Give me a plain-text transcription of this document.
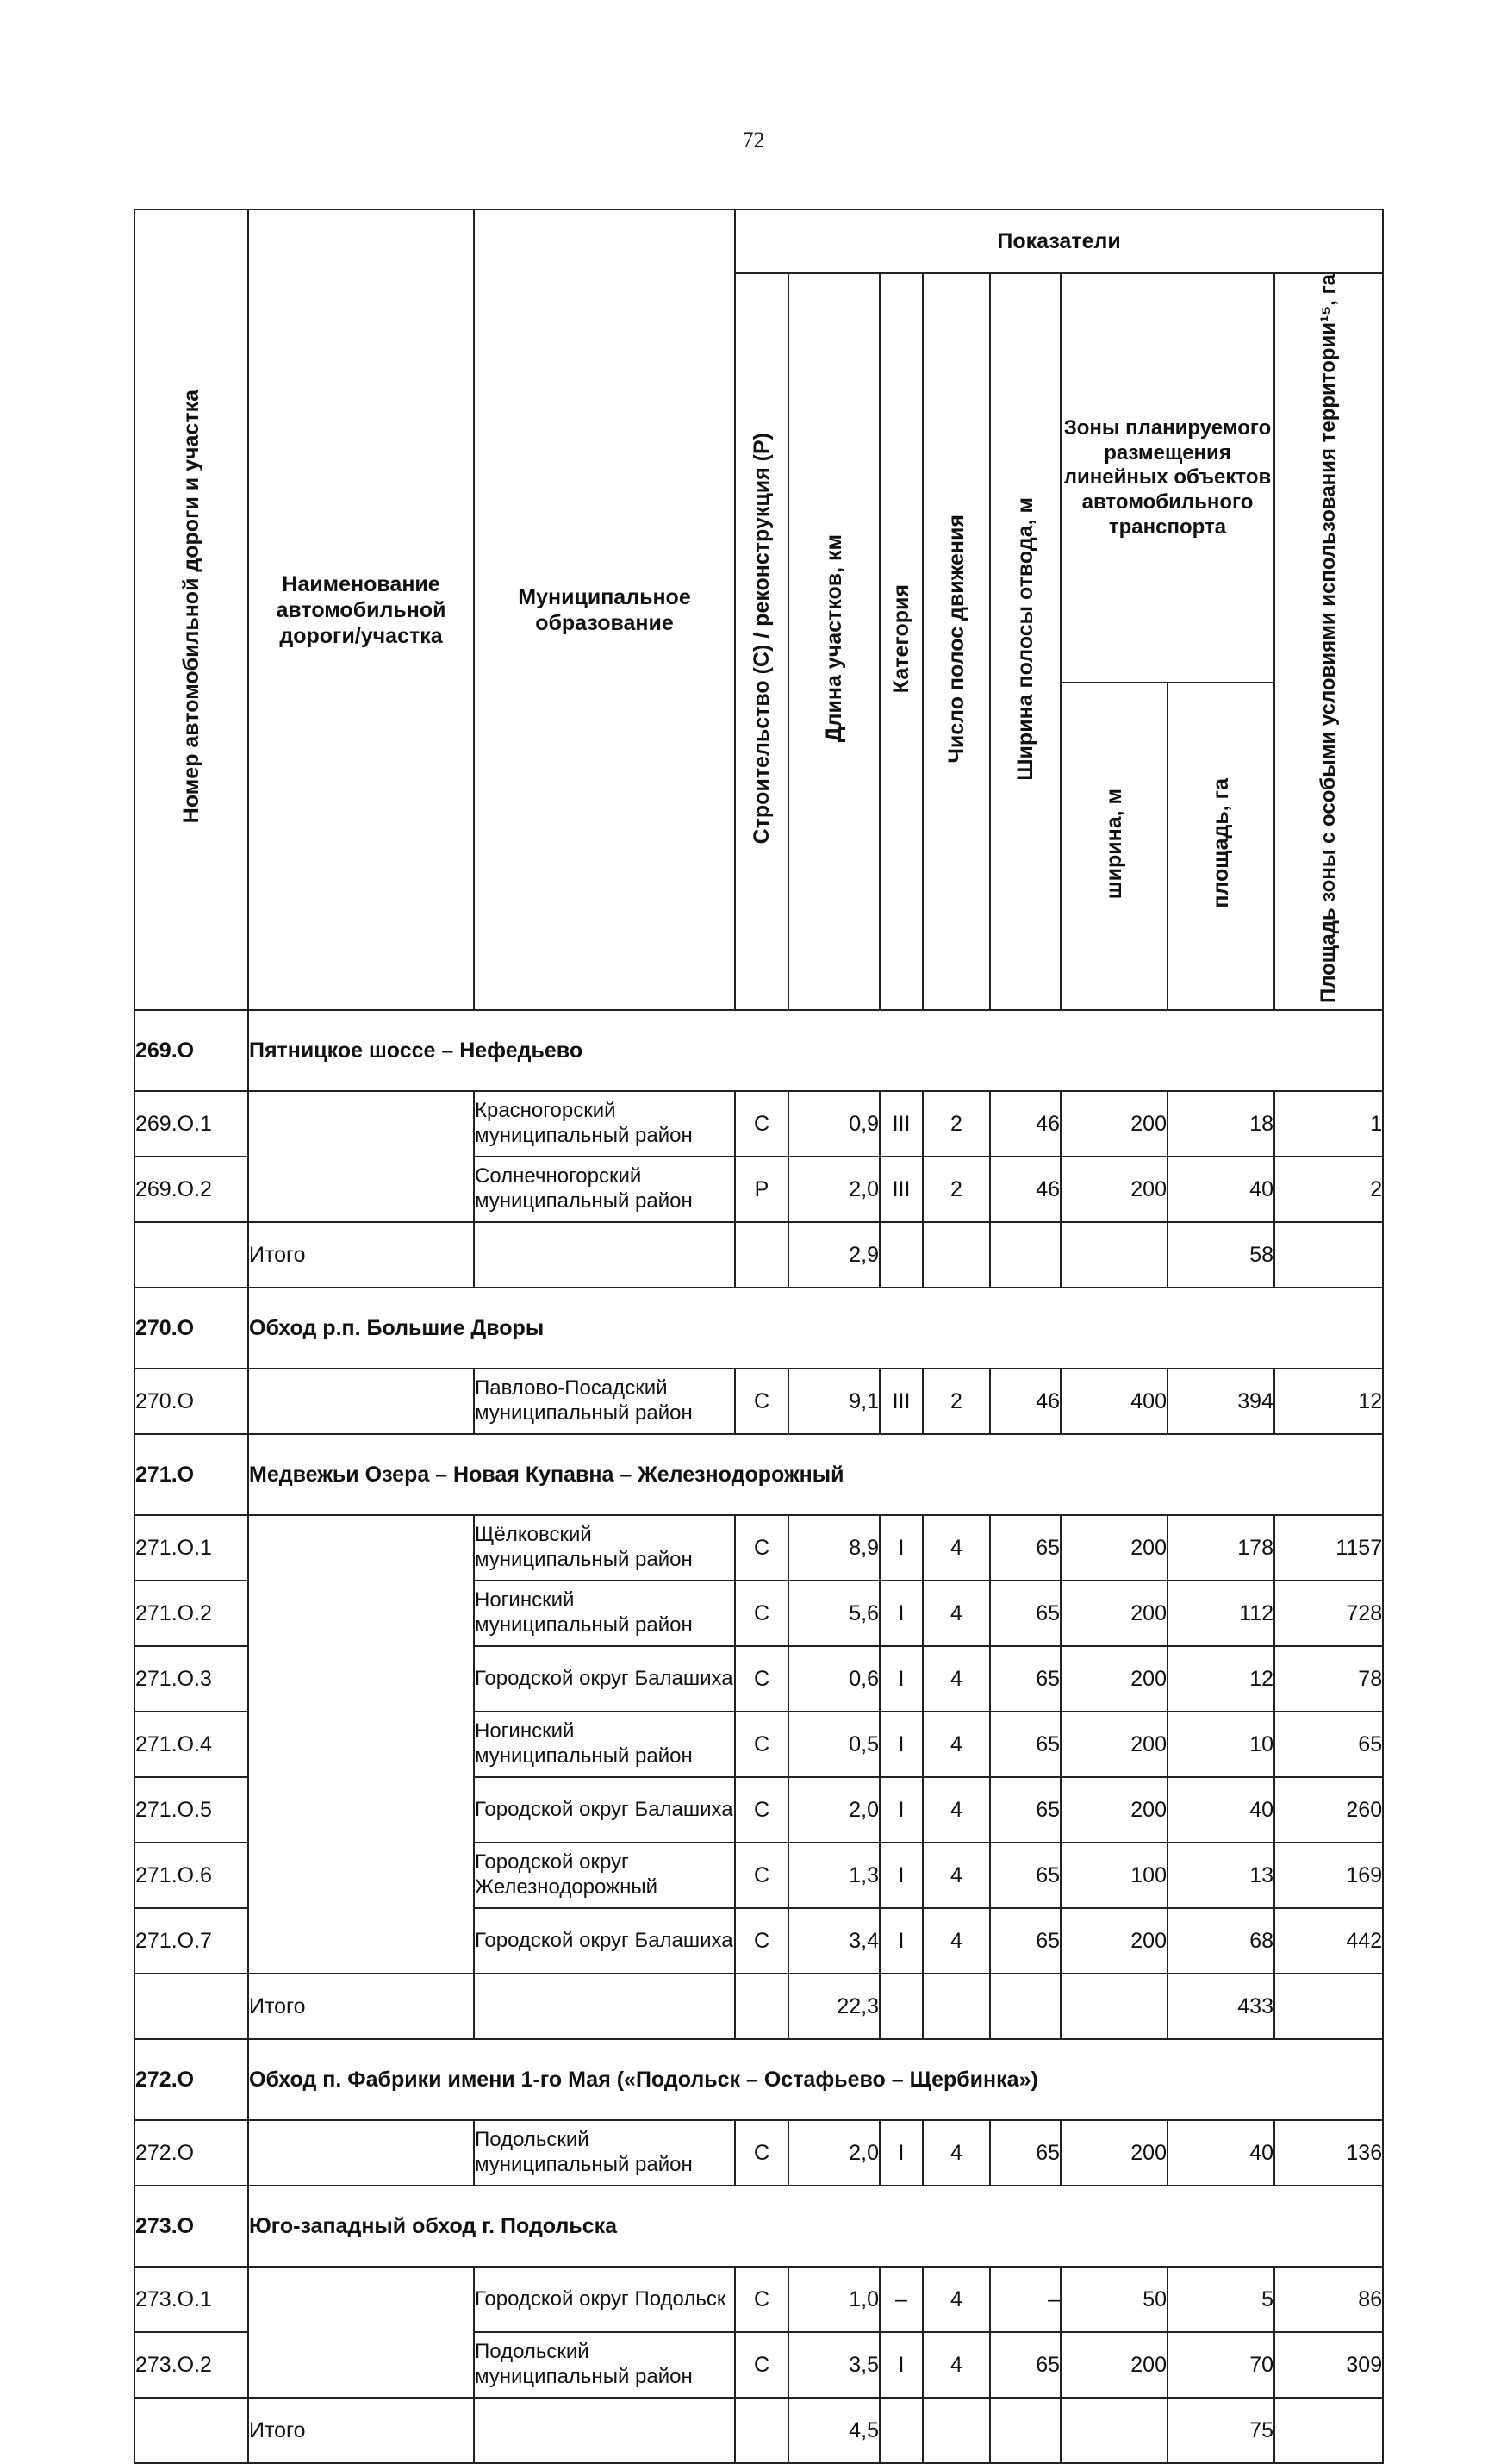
72
Номер автомобильной дороги и участка	Наименование автомобильной дороги/участка	Муниципальное образование	Показатели							
			Строительство (С) / реконструкция (Р)	Длина участков, км	Категория	Число полос движения	Ширина полосы отвода, м	Зоны планируемого размещения линейных объектов автомобильного транспорта		Площадь зоны с особыми условиями использования территории¹⁵, га
								ширина, м	площадь, га	
269.О	Пятницкое шоссе – Нефедьево									
269.О.1		Красногорский муниципальный район	С	0,9	III	2	46	200	18	1
269.О.2		Солнечногорский муниципальный район	Р	2,0	III	2	46	200	40	2
	Итого			2,9					58	
270.О	Обход р.п. Большие Дворы									
270.О		Павлово-Посадский муниципальный район	С	9,1	III	2	46	400	394	12
271.О	Медвежьи Озера – Новая Купавна – Железнодорожный									
271.О.1		Щёлковский муниципальный район	С	8,9	I	4	65	200	178	1157
271.О.2		Ногинский муниципальный район	С	5,6	I	4	65	200	112	728
271.О.3		Городской округ Балашиха	С	0,6	I	4	65	200	12	78
271.О.4		Ногинский муниципальный район	С	0,5	I	4	65	200	10	65
271.О.5		Городской округ Балашиха	С	2,0	I	4	65	200	40	260
271.О.6		Городской округ Железнодорожный	С	1,3	I	4	65	100	13	169
271.О.7		Городской округ Балашиха	С	3,4	I	4	65	200	68	442
	Итого			22,3					433	
272.О	Обход п. Фабрики имени 1-го Мая («Подольск – Остафьево – Щербинка»)									
272.О		Подольский муниципальный район	С	2,0	I	4	65	200	40	136
273.О	Юго-западный обход г. Подольска									
273.О.1		Городской округ Подольск	С	1,0	–	4	–	50	5	86
273.О.2		Подольский муниципальный район	С	3,5	I	4	65	200	70	309
	Итого			4,5					75	
